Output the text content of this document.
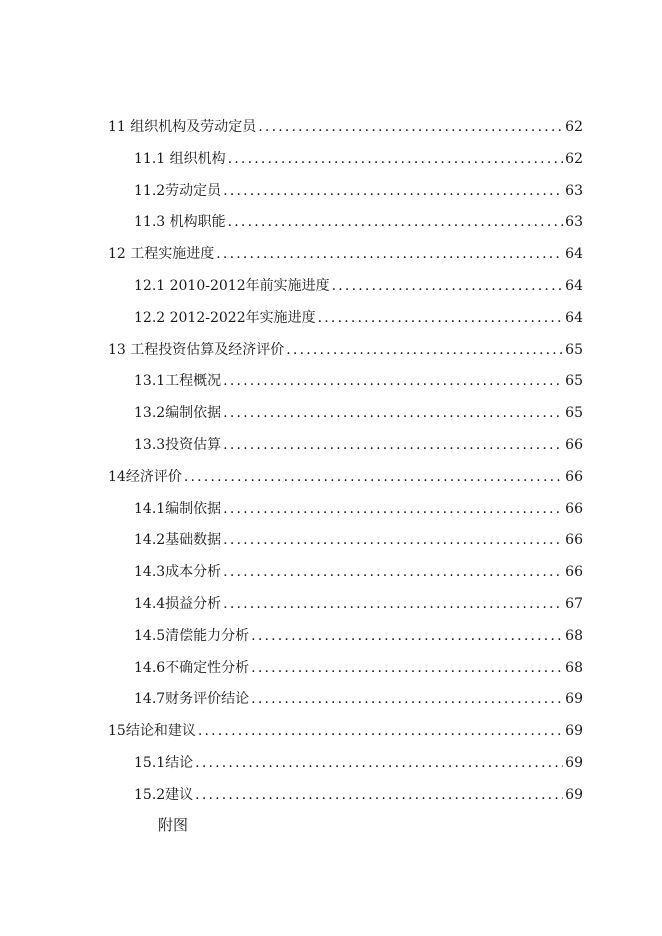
11 组织机构及劳动定员 .....	62
11.1 组织机构 .....	62
11.2劳动定员 .....	63
11.3 机构职能 .....	63
12 工程实施进度 .....	64
12.1 2010-2012年前实施进度 .....	64
12.2 2012-2022年实施进度 .....	64
13 工程投资估算及经济评价 .....	65
13.1工程概况 .....	65
13.2编制依据 .....	65
13.3投资估算 .....	66
14经济评价 .....	66
14.1编制依据 .....	66
14.2基础数据 .....	66
14.3成本分析 .....	66
14.4损益分析 .....	67
14.5清偿能力分析 .....	68
14.6不确定性分析 .....	68
14.7财务评价结论 .....	69
15结论和建议 .....	69
15.1结论 .....	69
15.2建议 .....	69
附图
